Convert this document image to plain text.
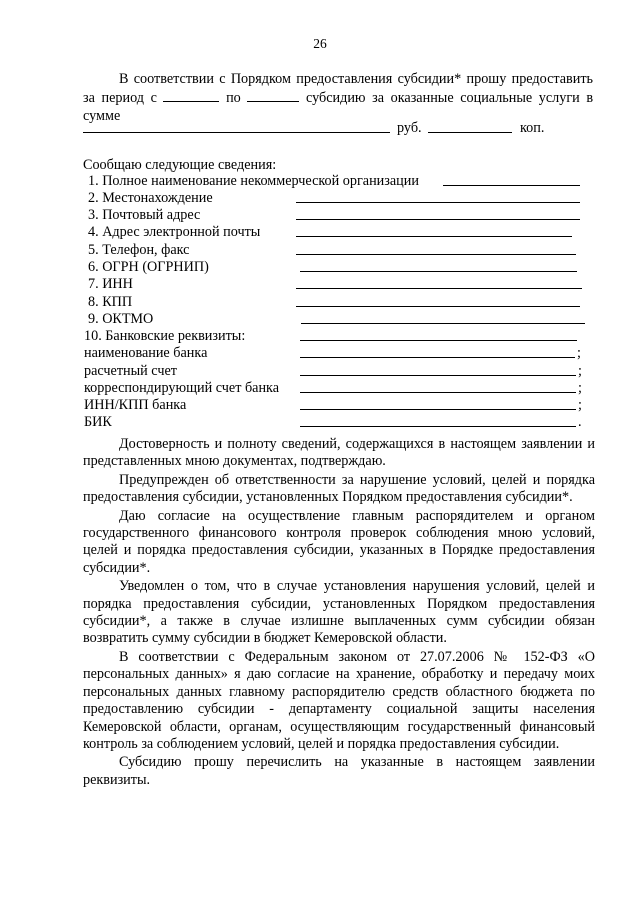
26

В соответствии с Порядком предоставления субсидии* прошу предоставить за период с	по	субсидию за оказанные социальные услуги в сумме

руб.	коп.
Сообщаю следующие сведения:
1. Полное наименование некоммерческой организации
2. Местонахождение
3. Почтовый адрес
4. Адрес электронной почты
5. Телефон, факс
6. ОГРН (ОГРНИП)
7. ИНН
8. КПП
9. ОКТМО
10. Банковские реквизиты:
наименование банка	;
расчетный счет	;
корреспондирующий счет банка	;
ИНН/КПП банка	;
БИК	.

Достоверность и полноту сведений, содержащихся в настоящем заявлении и представленных мною документах, подтверждаю.

Предупрежден об ответственности за нарушение условий, целей и порядка предоставления субсидии, установленных Порядком предоставления субсидии*.

Даю согласие на осуществление главным распорядителем и органом государственного финансового контроля проверок соблюдения мною условий, целей и порядка предоставления субсидии, указанных в Порядке предоставления субсидии*.

Уведомлен о том, что в случае установления нарушения условий, целей и порядка предоставления субсидии, установленных Порядком предоставления субсидии*, а также в случае излишне выплаченных сумм субсидии обязан возвратить сумму субсидии в бюджет Кемеровской области.

В соответствии с Федеральным законом от 27.07.2006 № 152-ФЗ «О персональных данных» я даю согласие на хранение, обработку и передачу моих персональных данных главному распорядителю средств областного бюджета по предоставлению субсидии - департаменту социальной защиты населения Кемеровской области, органам, осуществляющим государственный финансовый контроль за соблюдением условий, целей и порядка предоставления субсидии.

Субсидию прошу перечислить на указанные в настоящем заявлении реквизиты.
